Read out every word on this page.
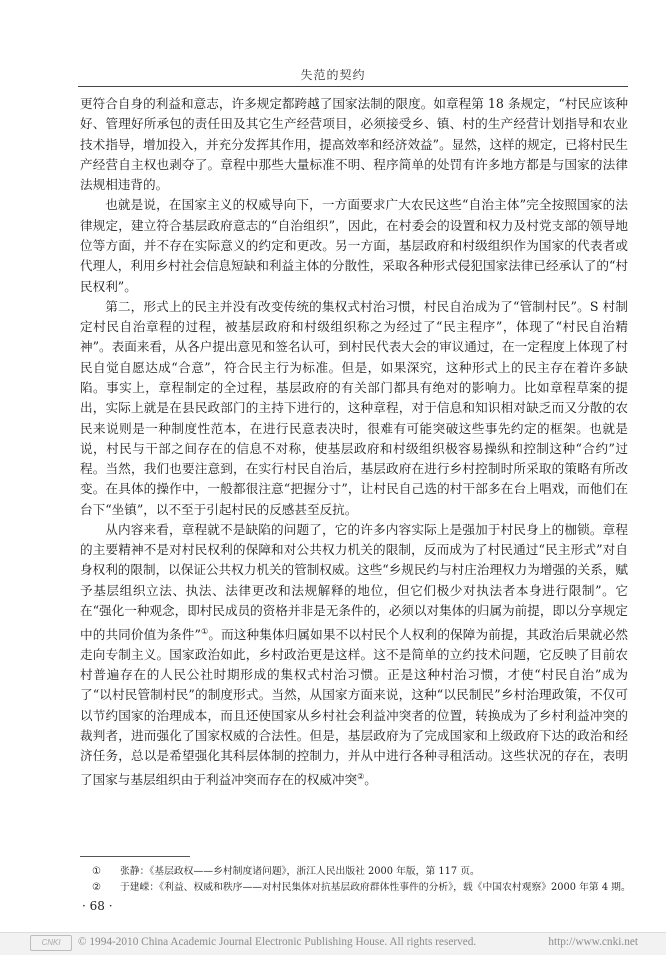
失范的契约

更符合自身的利益和意志，许多规定都跨越了国家法制的限度。如章程第 18 条规定，“村民应该种好、管理好所承包的责任田及其它生产经营项目，必须接受乡、镇、村的生产经营计划指导和农业技术指导，增加投入，并充分发挥其作用，提高效率和经济效益”。显然，这样的规定，已将村民生产经营自主权也剥夺了。章程中那些大量标准不明、程序简单的处罚有许多地方都是与国家的法律法规相违背的。

也就是说，在国家主义的权威导向下，一方面要求广大农民这些“自治主体”完全按照国家的法律规定，建立符合基层政府意志的“自治组织”，因此，在村委会的设置和权力及村党支部的领导地位等方面，并不存在实际意义的约定和更改。另一方面，基层政府和村级组织作为国家的代表者或代理人，利用乡村社会信息短缺和利益主体的分散性，采取各种形式侵犯国家法律已经承认了的“村民权利”。

第二，形式上的民主并没有改变传统的集权式村治习惯，村民自治成为了“管制村民”。S 村制定村民自治章程的过程，被基层政府和村级组织称之为经过了“民主程序”，体现了“村民自治精神”。表面来看，从各户提出意见和签名认可，到村民代表大会的审议通过，在一定程度上体现了村民自觉自愿达成“合意”，符合民主行为标准。但是，如果深究，这种形式上的民主存在着许多缺陷。事实上，章程制定的全过程，基层政府的有关部门都具有绝对的影响力。比如章程草案的提出，实际上就是在县民政部门的主持下进行的，这种章程，对于信息和知识相对缺乏而又分散的农民来说则是一种制度性范本，在进行民意表决时，很难有可能突破这些事先约定的框架。也就是说，村民与干部之间存在的信息不对称，使基层政府和村级组织极容易操纵和控制这种“合约”过程。当然，我们也要注意到，在实行村民自治后，基层政府在进行乡村控制时所采取的策略有所改变。在具体的操作中，一般都很注意“把握分寸”，让村民自己选的村干部多在台上唱戏，而他们在台下“坐镇”，以不至于引起村民的反感甚至反抗。

从内容来看，章程就不是缺陷的问题了，它的许多内容实际上是强加于村民身上的枷锁。章程的主要精神不是对村民权利的保障和对公共权力机关的限制，反而成为了村民通过“民主形式”对自身权利的限制，以保证公共权力机关的管制权威。这些“乡规民约与村庄治理权力为增强的关系，赋予基层组织立法、执法、法律更改和法规解释的地位，但它们极少对执法者本身进行限制”。它在“强化一种观念，即村民成员的资格并非是无条件的，必须以对集体的归属为前提，即以分享规定中的共同价值为条件”①。而这种集体归属如果不以村民个人权利的保障为前提，其政治后果就必然走向专制主义。国家政治如此，乡村政治更是这样。这不是简单的立约技术问题，它反映了目前农村普遍存在的人民公社时期形成的集权式村治习惯。正是这种村治习惯，才使“村民自治”成为了“以村民管制村民”的制度形式。当然，从国家方面来说，这种“以民制民”乡村治理政策，不仅可以节约国家的治理成本，而且还使国家从乡村社会利益冲突者的位置，转换成为了乡村利益冲突的裁判者，进而强化了国家权威的合法性。但是，基层政府为了完成国家和上级政府下达的政治和经济任务，总以是希望强化其科层体制的控制力，并从中进行各种寻租活动。这些状况的存在，表明了国家与基层组织由于利益冲突而存在的权威冲突②。

① 张静：《基层政权——乡村制度诸问题》，浙江人民出版社 2000 年版，第 117 页。
② 于建嵘：《利益、权威和秩序——对村民集体对抗基层政府群体性事件的分析》，载《中国农村观察》2000 年第 4 期。
· 68 ·
CNKI	© 1994-2010 China Academic Journal Electronic Publishing House. All rights reserved.	http://www.cnki.net
